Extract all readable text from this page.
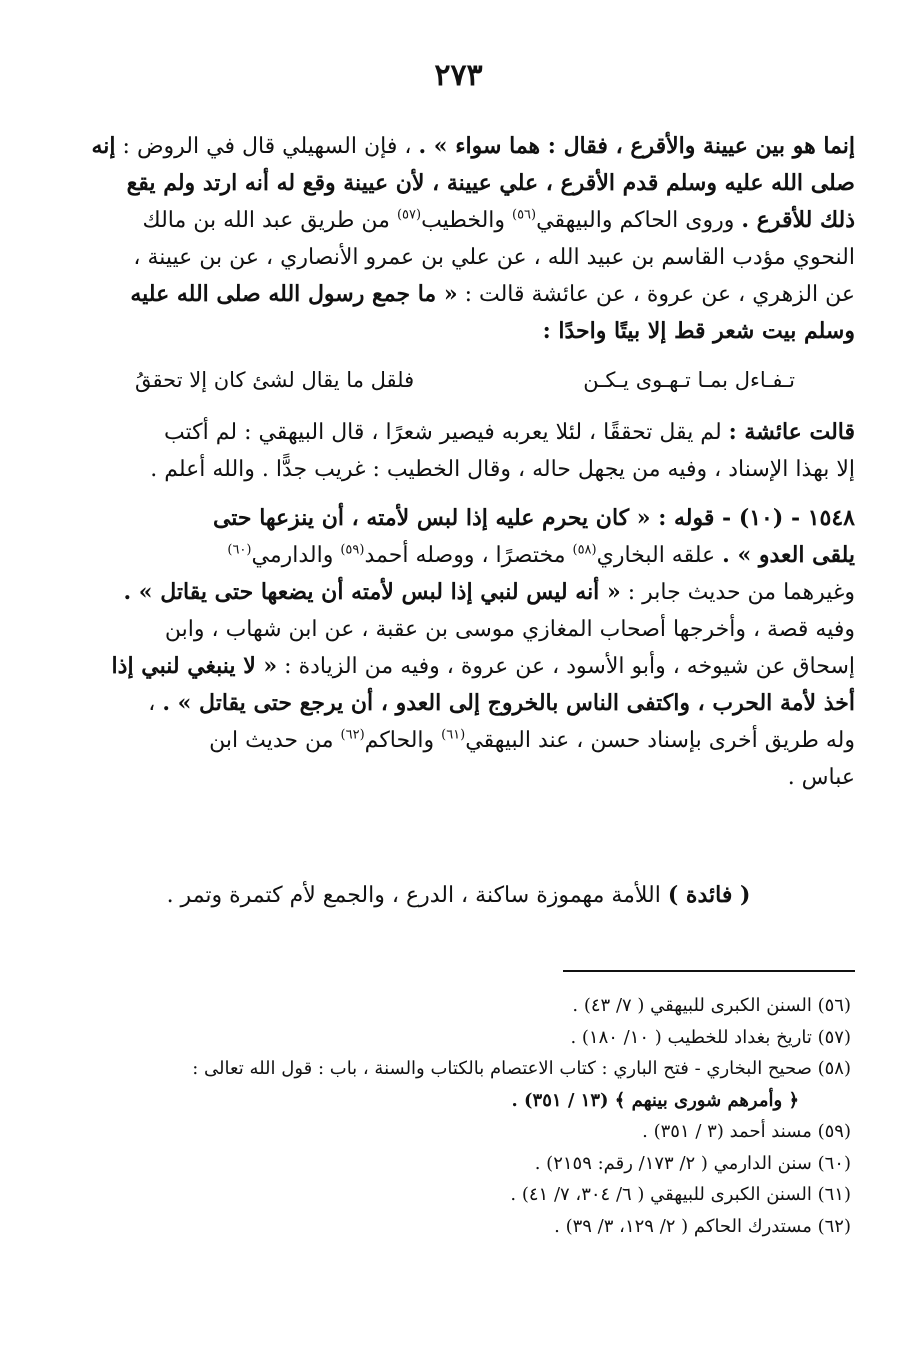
٢٧٣
إنما هو بين عيينة والأقرع ، فقال : هما سواء » . ، فإن السهيلي قال في الروض : إنه
صلى الله عليه وسلم قدم الأقرع ، علي عيينة ، لأن عيينة وقع له أنه ارتد ولم يقع
ذلك للأقرع . وروى الحاكم والبيهقي$^{(٥٦)}$ والخطيب$^{(٥٧)}$ من طريق عبد الله بن مالك
النحوي مؤدب القاسم بن عبيد الله ، عن علي بن عمرو الأنصاري ، عن بن عيينة ،
عن الزهري ، عن عروة ، عن عائشة قالت : « ما جمع رسول الله صلى الله عليه
وسلم بيت شعر قط إلا بيتًا واحدًا :
تـفـاءل بمـا تـهـوى يـكـن
فلقل ما يقال لشئ كان إلا تحققُ
قالت عائشة : لم يقل تحققًا ، لئلا يعربه فيصير شعرًا ، قال البيهقي : لم أكتب
إلا بهذا الإسناد ، وفيه من يجهل حاله ، وقال الخطيب : غريب جدًّا . والله أعلم .
١٥٤٨ - (١٠) - قوله : « كان يحرم عليه إذا لبس لأمته ، أن ينزعها حتى
يلقى العدو » . علقه البخاري$^{(٥٨)}$ مختصرًا ، ووصله أحمد$^{(٥٩)}$ والدارمي$^{(٦٠)}$
وغيرهما من حديث جابر : « أنه ليس لنبي إذا لبس لأمته أن يضعها حتى يقاتل » .
وفيه قصة ، وأخرجها أصحاب المغازي موسى بن عقبة ، عن ابن شهاب ، وابن
إسحاق عن شيوخه ، وأبو الأسود ، عن عروة ، وفيه من الزيادة : « لا ينبغي لنبي إذا
أخذ لأمة الحرب ، واكتفى الناس بالخروج إلى العدو ، أن يرجع حتى يقاتل » . ،
وله طريق أخرى بإسناد حسن ، عند البيهقي$^{(٦١)}$ والحاكم$^{(٦٢)}$ من حديث ابن
عباس .
( فائدة ) اللأمة مهموزة ساكنة ، الدرع ، والجمع لأم كتمرة وتمر .
(٥٦) السنن الكبرى للبيهقي ( ٧/ ٤٣) .
(٥٧) تاريخ بغداد للخطيب ( ١٠/ ١٨٠) .
(٥٨) صحيح البخاري - فتح الباري : كتاب الاعتصام بالكتاب والسنة ، باب : قول الله تعالى :
﴿ وأمرهم شورى بينهم ﴾ (١٣ / ٣٥١) .
(٥٩) مسند أحمد (٣ / ٣٥١) .
(٦٠) سنن الدارمي ( ٢/ ١٧٣/ رقم: ٢١٥٩) .
(٦١) السنن الكبرى للبيهقي ( ٦/ ٣٠٤، ٧/ ٤١) .
(٦٢) مستدرك الحاكم ( ٢/ ١٢٩، ٣/ ٣٩) .
